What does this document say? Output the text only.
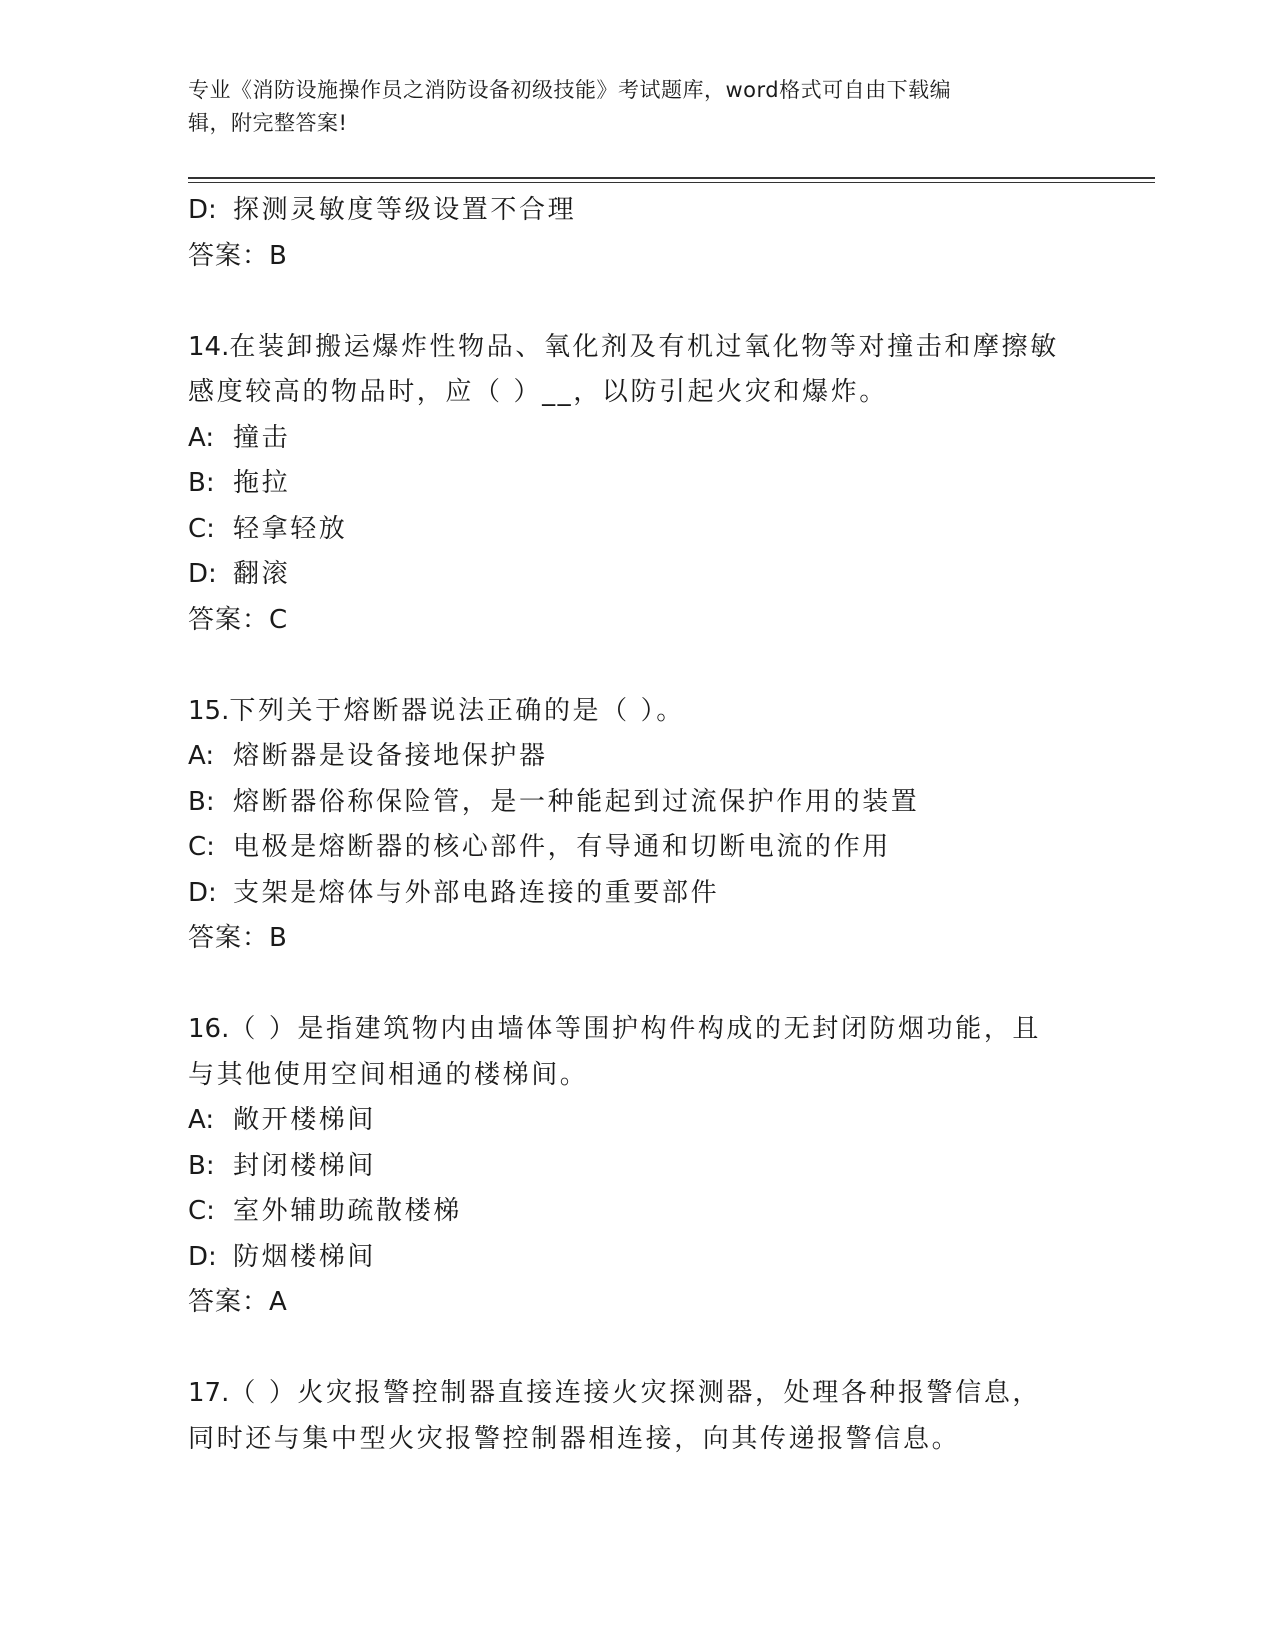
专业《消防设施操作员之消防设备初级技能》考试题库，word格式可自由下载编
辑，附完整答案!
D: 探测灵敏度等级设置不合理
答案：B
14.在装卸搬运爆炸性物品、氧化剂及有机过氧化物等对撞击和摩擦敏
感度较高的物品时，应（ ）__，以防引起火灾和爆炸。
A: 撞击
B: 拖拉
C: 轻拿轻放
D: 翻滚
答案：C
15.下列关于熔断器说法正确的是（ ）。
A: 熔断器是设备接地保护器
B: 熔断器俗称保险管，是一种能起到过流保护作用的装置
C: 电极是熔断器的核心部件，有导通和切断电流的作用
D: 支架是熔体与外部电路连接的重要部件
答案：B
16.（ ）是指建筑物内由墙体等围护构件构成的无封闭防烟功能，且
与其他使用空间相通的楼梯间。
A: 敞开楼梯间
B: 封闭楼梯间
C: 室外辅助疏散楼梯
D: 防烟楼梯间
答案：A
17.（ ）火灾报警控制器直接连接火灾探测器，处理各种报警信息，
同时还与集中型火灾报警控制器相连接，向其传递报警信息。
